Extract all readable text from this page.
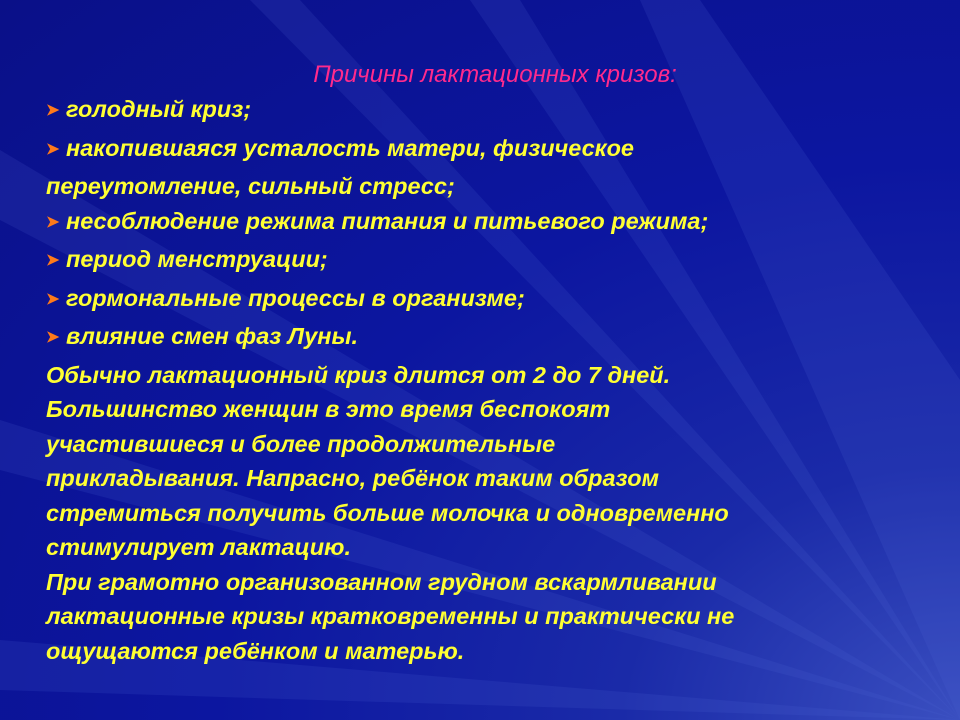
Причины лактационных кризов:
➤ голодный криз;
➤ накопившаяся усталость матери, физическое
переутомление, сильный стресс;
➤ несоблюдение режима питания и питьевого режима;
➤ период менструации;
➤ гормональные процессы в организме;
➤ влияние смен фаз Луны.
Обычно лактационный криз длится от 2 до 7 дней.
Большинство женщин в это время беспокоят
участившиеся и более продолжительные
прикладывания. Напрасно, ребёнок таким образом
стремиться получить больше молочка и одновременно
стимулирует лактацию.
При грамотно организованном грудном вскармливании
лактационные кризы кратковременны и практически не
ощущаются ребёнком и матерью.
